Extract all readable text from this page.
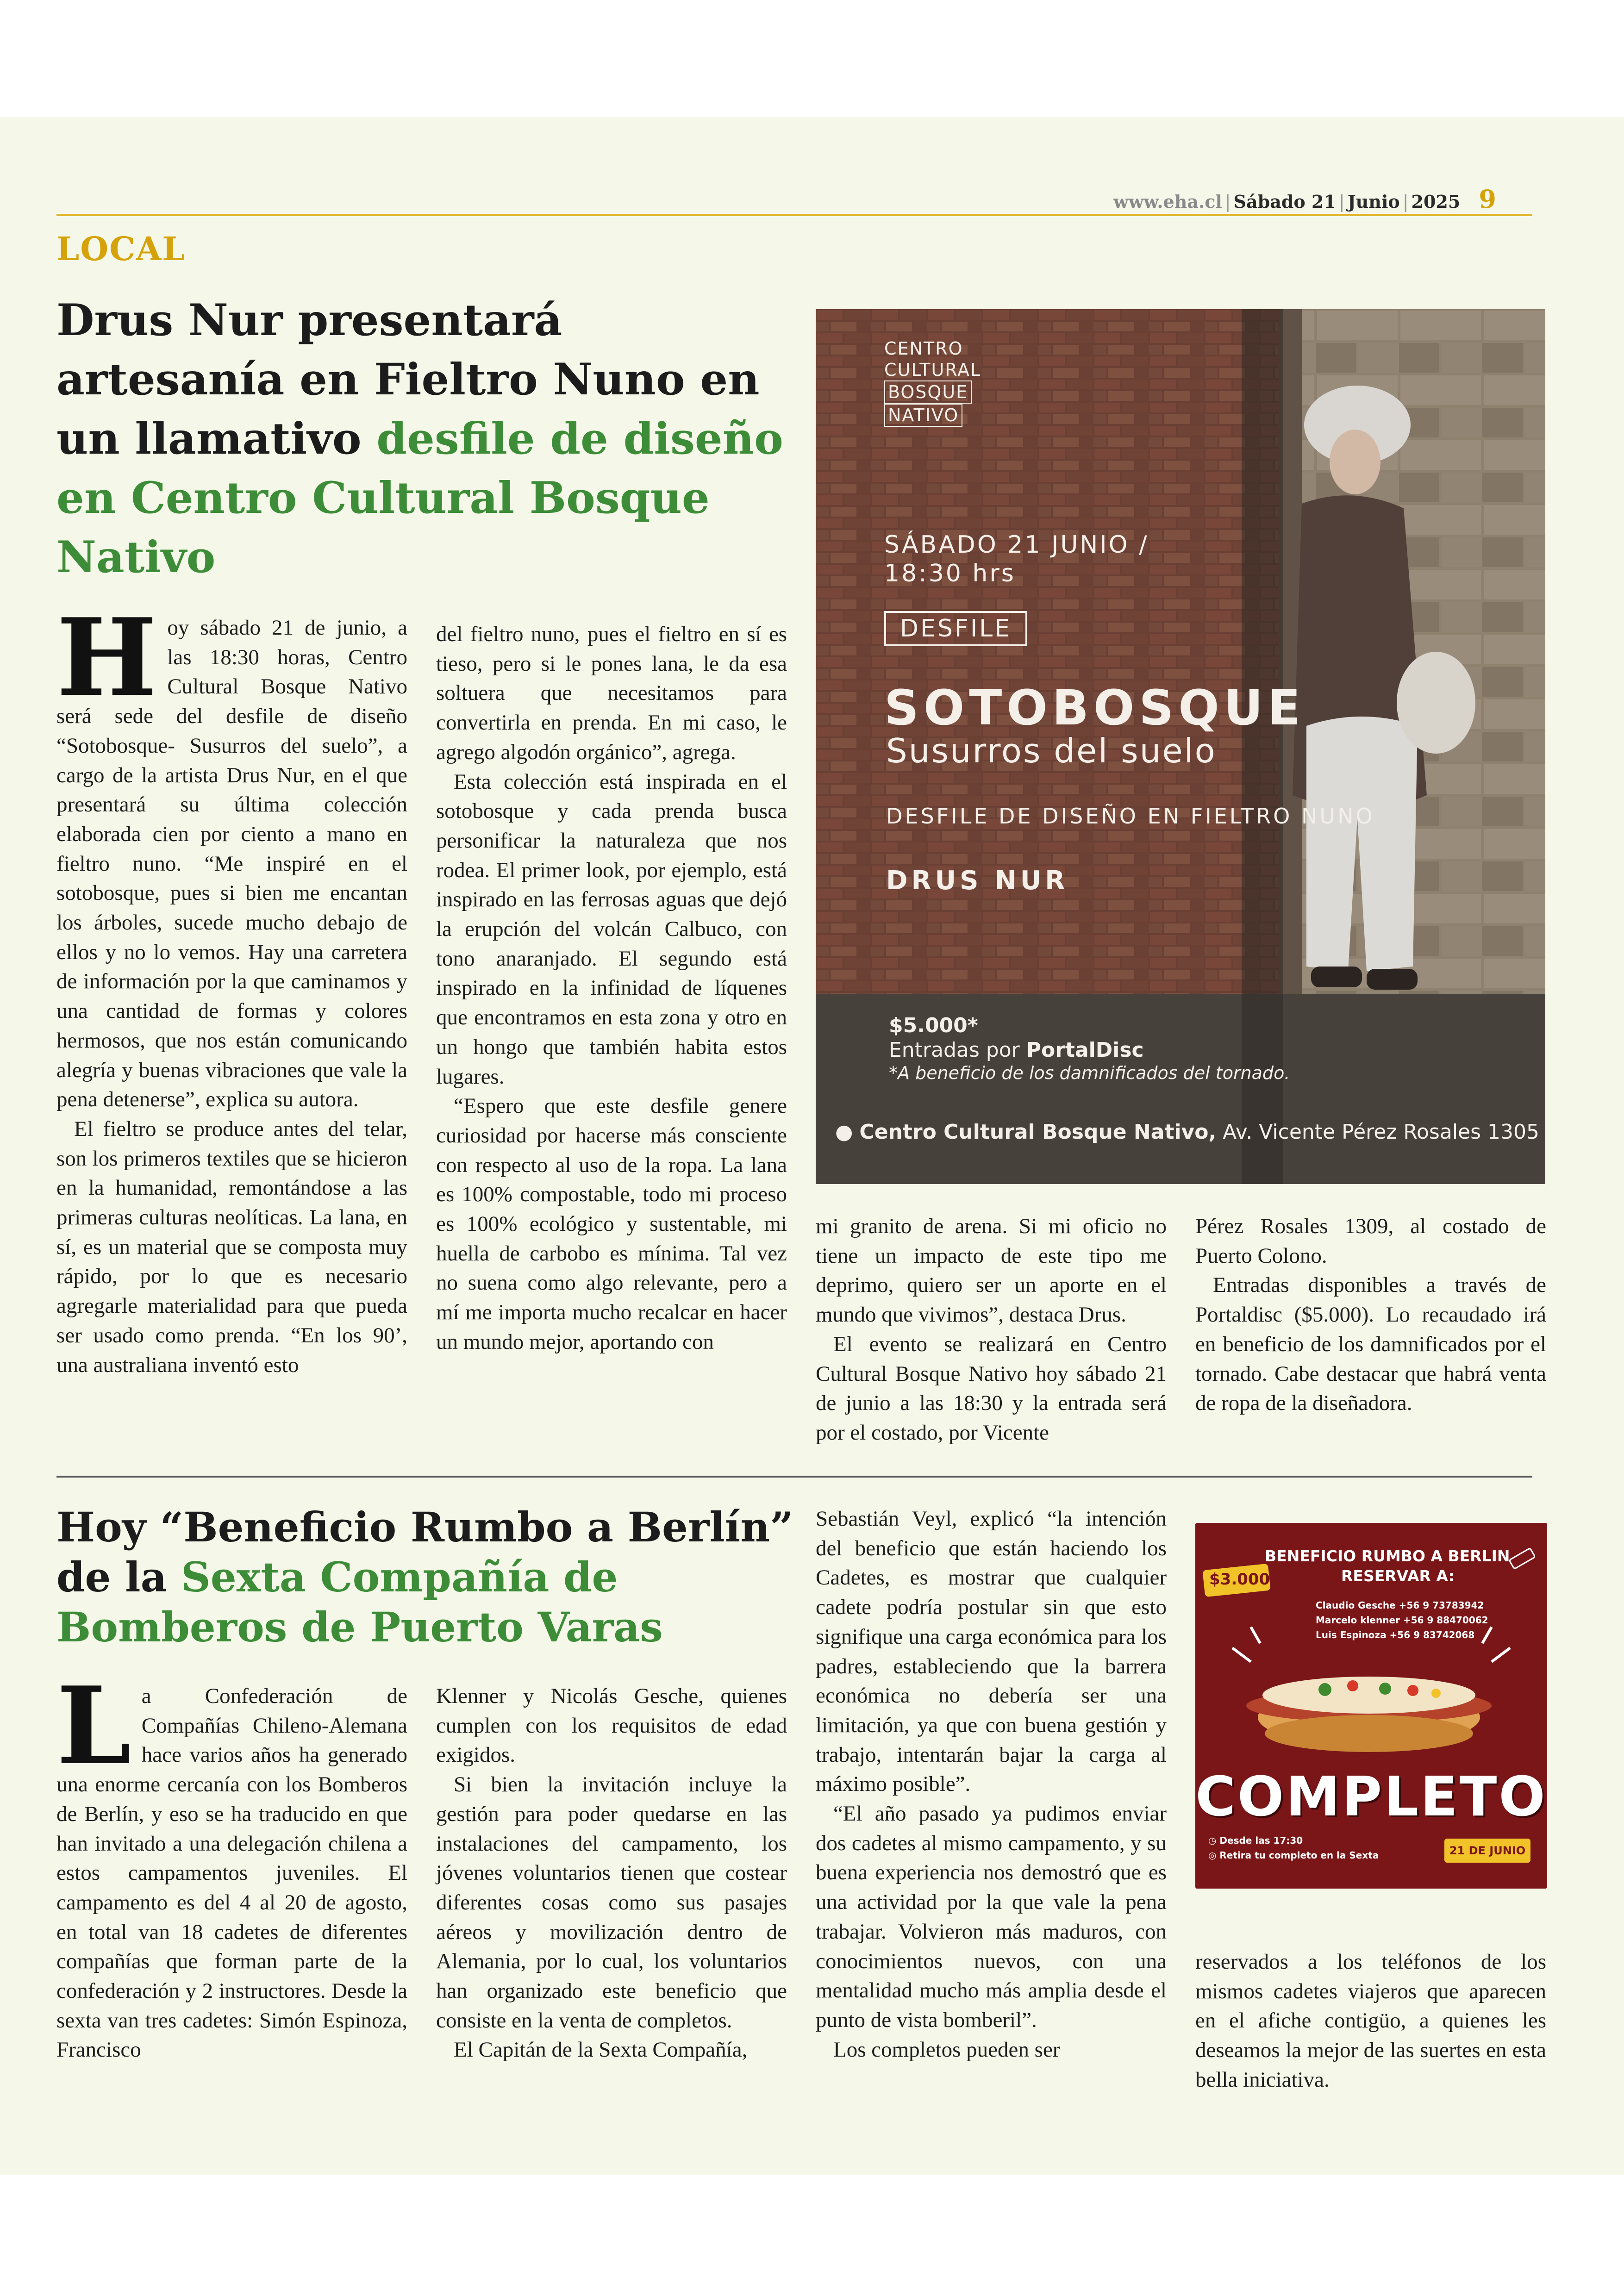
www.eha.cl | Sábado 21 | Junio | 2025 9
LOCAL
Drus Nur presentará artesanía en Fieltro Nuno en un llamativo desfile de diseño en Centro Cultural Bosque Nativo
H oy sábado 21 de junio, a las 18:30 horas, Centro Cultural Bosque Nativo será sede del desfile de diseño “Sotobosque- Susurros del suelo”, a cargo de la artista Drus Nur, en el que presentará su última colección elaborada cien por ciento a mano en fieltro nuno. “Me inspiré en el sotobosque, pues si bien me encantan los árboles, sucede mucho debajo de ellos y no lo vemos. Hay una carretera de información por la que caminamos y una cantidad de formas y colores hermosos, que nos están comunicando alegría y buenas vibraciones que vale la pena detenerse”, explica su autora.

El fieltro se produce antes del telar, son los primeros textiles que se hicieron en la humanidad, remontándose a las primeras culturas neolíticas. La lana, en sí, es un material que se composta muy rápido, por lo que es necesario agregarle materialidad para que pueda ser usado como prenda. “En los 90’, una australiana inventó esto

del fieltro nuno, pues el fieltro en sí es tieso, pero si le pones lana, le da esa soltuera que necesitamos para convertirla en prenda. En mi caso, le agrego algodón orgánico”, agrega.

Esta colección está inspirada en el sotobosque y cada prenda busca personificar la naturaleza que nos rodea. El primer look, por ejemplo, está inspirado en las ferrosas aguas que dejó la erupción del volcán Calbuco, con tono anaranjado. El segundo está inspirado en la infinidad de líquenes que encontramos en esta zona y otro en un hongo que también habita estos lugares.

“Espero que este desfile genere curiosidad por hacerse más consciente con respecto al uso de la ropa. La lana es 100% compostable, todo mi proceso es 100% ecológico y sustentable, mi huella de carbobo es mínima. Tal vez no suena como algo relevante, pero a mí me importa mucho recalcar en hacer un mundo mejor, aportando con

mi granito de arena. Si mi oficio no tiene un impacto de este tipo me deprimo, quiero ser un aporte en el mundo que vivimos”, destaca Drus.

El evento se realizará en Centro Cultural Bosque Nativo hoy sábado 21 de junio a las 18:30 y la entrada será por el costado, por Vicente

Pérez Rosales 1309, al costado de Puerto Colono.

Entradas disponibles a través de Portaldisc ($5.000). Lo recaudado irá en beneficio de los damnificados por el tornado. Cabe destacar que habrá venta de ropa de la diseñadora.

CENTRO
CULTURAL
BOSQUE
NATIVO
SÁBADO 21 JUNIO /
18:30 hrs
DESFILE
SOTOBOSQUE
Susurros del suelo
DESFILE DE DISEÑO EN FIELTRO NUNO
DRUS NUR
$5.000*
Entradas por PortalDisc
*A beneficio de los damnificados del tornado.
● Centro Cultural Bosque Nativo, Av. Vicente Pérez Rosales 1305
Hoy “Beneficio Rumbo a Berlín” de la Sexta Compañía de Bomberos de Puerto Varas
L a Confederación de Compañías Chileno-Alemana hace varios años ha generado una enorme cercanía con los Bomberos de Berlín, y eso se ha traducido en que han invitado a una delegación chilena a estos campamentos juveniles. El campamento es del 4 al 20 de agosto, en total van 18 cadetes de diferentes compañías que forman parte de la confederación y 2 instructores. Desde la sexta van tres cadetes: Simón Espinoza, Francisco

Klenner y Nicolás Gesche, quienes cumplen con los requisitos de edad exigidos.

Si bien la invitación incluye la gestión para poder quedarse en las instalaciones del campamento, los jóvenes voluntarios tienen que costear diferentes cosas como sus pasajes aéreos y movilización dentro de Alemania, por lo cual, los voluntarios han organizado este beneficio que consiste en la venta de completos.

El Capitán de la Sexta Compañía,

Sebastián Veyl, explicó “la intención del beneficio que están haciendo los Cadetes, es mostrar que cualquier cadete podría postular sin que esto signifique una carga económica para los padres, estableciendo que la barrera económica no debería ser una limitación, ya que con buena gestión y trabajo, intentarán bajar la carga al máximo posible”.

“El año pasado ya pudimos enviar dos cadetes al mismo campamento, y su buena experiencia nos demostró que es una actividad por la que vale la pena trabajar. Volvieron más maduros, con conocimientos nuevos, con una mentalidad mucho más amplia desde el punto de vista bomberil”.

Los completos pueden ser

reservados a los teléfonos de los mismos cadetes viajeros que aparecen en el afiche contigüo, a quienes les deseamos la mejor de las suertes en esta bella iniciativa.

BENEFICIO RUMBO A BERLIN
RESERVAR A:
$3.000.-
Claudio Gesche +56 9 73783942
Marcelo klenner +56 9 88470062
Luis Espinoza +56 9 83742068
COMPLETO
◷ Desde las 17:30
◎ Retira tu completo en la Sexta	21 DE JUNIO
